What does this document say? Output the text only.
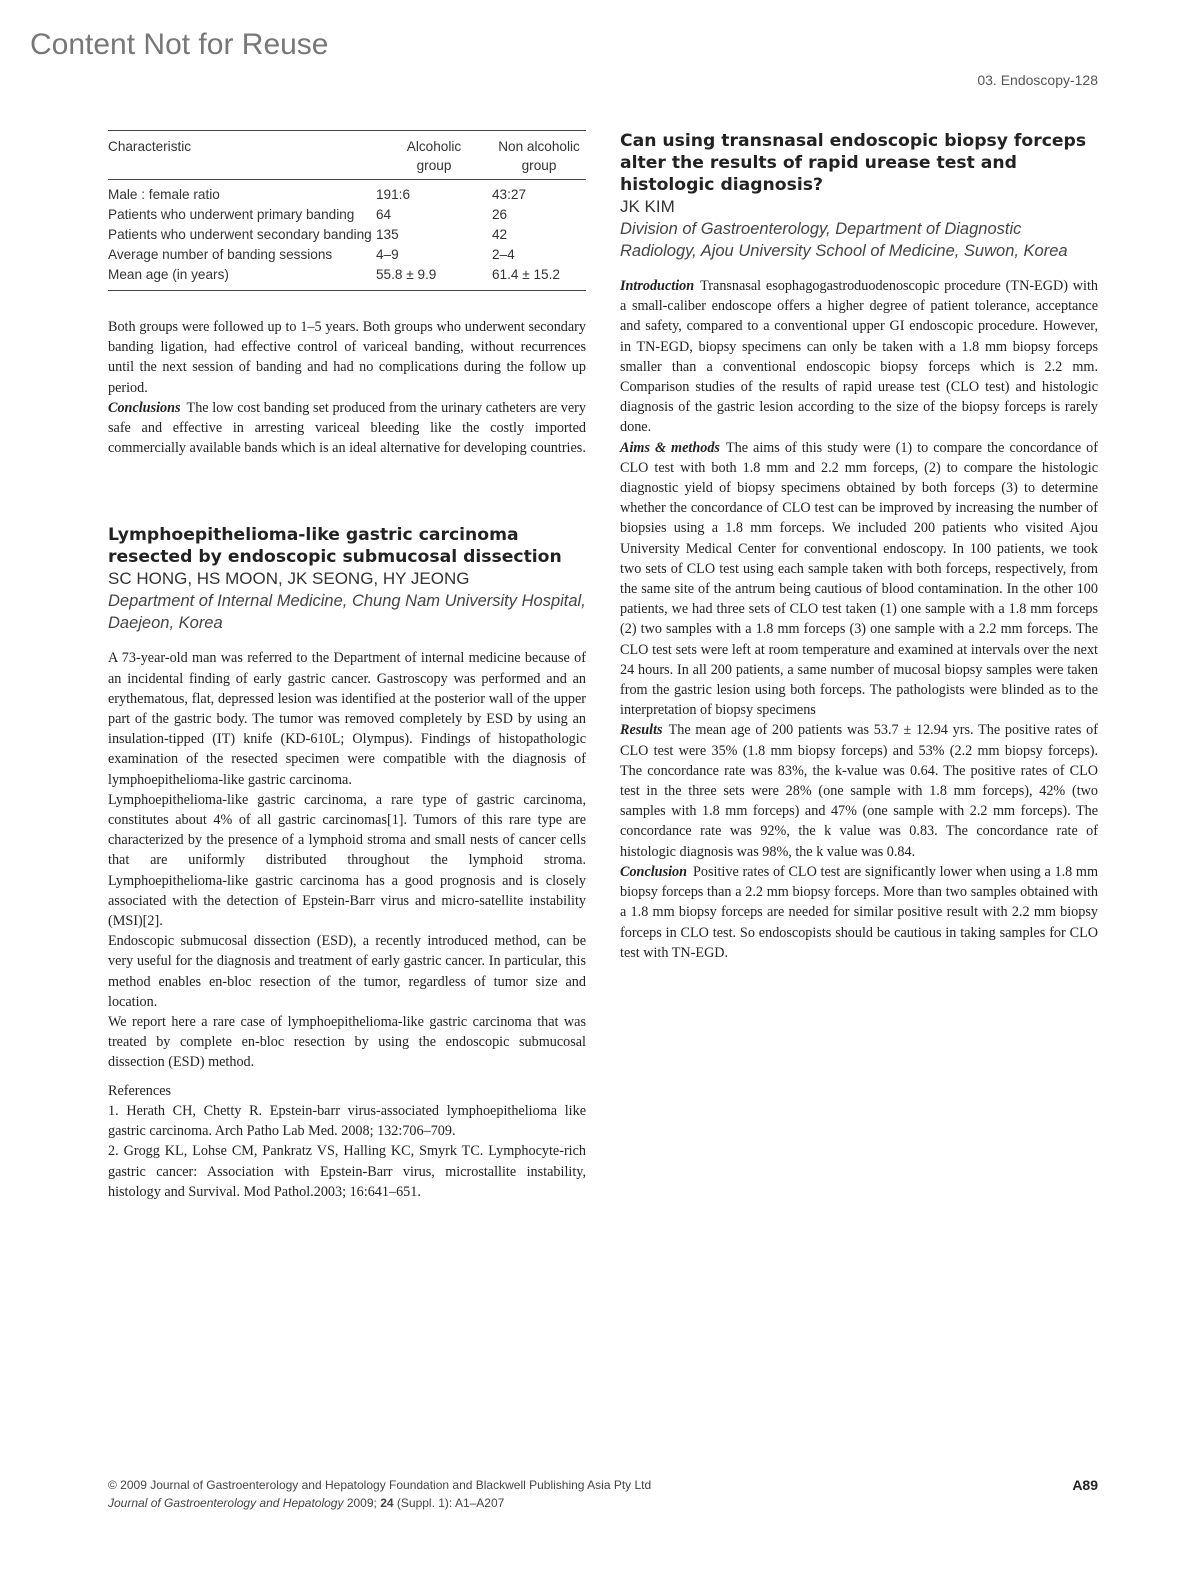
Content Not for Reuse
03. Endoscopy-128
Characteristic	Alcoholic group	Non alcoholic group

Male : female ratio	191:6	43:27

Patients who underwent primary banding	64	26

Patients who underwent secondary banding	135	42

Average number of banding sessions	4–9	2–4

Mean age (in years)	55.8 ± 9.9	61.4 ± 15.2

Both groups were followed up to 1–5 years. Both groups who underwent secondary banding ligation, had effective control of variceal banding, without recurrences until the next session of banding and had no complications during the follow up period.

Conclusions The low cost banding set produced from the urinary catheters are very safe and effective in arresting variceal bleeding like the costly imported commercially available bands which is an ideal alternative for developing countries.

Lymphoepithelioma-like gastric carcinoma resected by endoscopic submucosal dissection

SC HONG, HS MOON, JK SEONG, HY JEONG

Department of Internal Medicine, Chung Nam University Hospital, Daejeon, Korea

A 73-year-old man was referred to the Department of internal medicine because of an incidental finding of early gastric cancer. Gastroscopy was performed and an erythematous, flat, depressed lesion was identified at the posterior wall of the upper part of the gastric body. The tumor was removed completely by ESD by using an insulation-tipped (IT) knife (KD-610L; Olympus). Findings of histopathologic examination of the resected specimen were compatible with the diagnosis of lymphoepithelioma-like gastric carcinoma.

Lymphoepithelioma-like gastric carcinoma, a rare type of gastric carcinoma, constitutes about 4% of all gastric carcinomas[1]. Tumors of this rare type are characterized by the presence of a lymphoid stroma and small nests of cancer cells that are uniformly distributed throughout the lymphoid stroma. Lymphoepithelioma-like gastric carcinoma has a good prognosis and is closely associated with the detection of Epstein-Barr virus and micro-satellite instability (MSI)[2].

Endoscopic submucosal dissection (ESD), a recently introduced method, can be very useful for the diagnosis and treatment of early gastric cancer. In particular, this method enables en-bloc resection of the tumor, regardless of tumor size and location.

We report here a rare case of lymphoepithelioma-like gastric carcinoma that was treated by complete en-bloc resection by using the endoscopic submucosal dissection (ESD) method.

References

1. Herath CH, Chetty R. Epstein-barr virus-associated lymphoepithelioma like gastric carcinoma. Arch Patho Lab Med. 2008; 132:706–709.

2. Grogg KL, Lohse CM, Pankratz VS, Halling KC, Smyrk TC. Lymphocyte-rich gastric cancer: Association with Epstein-Barr virus, microstallite instability, histology and Survival. Mod Pathol.2003; 16:641–651.

Can using transnasal endoscopic biopsy forceps alter the results of rapid urease test and histologic diagnosis?

JK KIM

Division of Gastroenterology, Department of Diagnostic Radiology, Ajou University School of Medicine, Suwon, Korea

Introduction Transnasal esophagogastroduodenoscopic procedure (TN-EGD) with a small-caliber endoscope offers a higher degree of patient tolerance, acceptance and safety, compared to a conventional upper GI endoscopic procedure. However, in TN-EGD, biopsy specimens can only be taken with a 1.8 mm biopsy forceps smaller than a conventional endoscopic biopsy forceps which is 2.2 mm. Comparison studies of the results of rapid urease test (CLO test) and histologic diagnosis of the gastric lesion according to the size of the biopsy forceps is rarely done.

Aims & methods The aims of this study were (1) to compare the concordance of CLO test with both 1.8 mm and 2.2 mm forceps, (2) to compare the histologic diagnostic yield of biopsy specimens obtained by both forceps (3) to determine whether the concordance of CLO test can be improved by increasing the number of biopsies using a 1.8 mm forceps. We included 200 patients who visited Ajou University Medical Center for conventional endoscopy. In 100 patients, we took two sets of CLO test using each sample taken with both forceps, respectively, from the same site of the antrum being cautious of blood contamination. In the other 100 patients, we had three sets of CLO test taken (1) one sample with a 1.8 mm forceps (2) two samples with a 1.8 mm forceps (3) one sample with a 2.2 mm forceps. The CLO test sets were left at room temperature and examined at intervals over the next 24 hours. In all 200 patients, a same number of mucosal biopsy samples were taken from the gastric lesion using both forceps. The pathologists were blinded as to the interpretation of biopsy specimens

Results The mean age of 200 patients was 53.7 ± 12.94 yrs. The positive rates of CLO test were 35% (1.8 mm biopsy forceps) and 53% (2.2 mm biopsy forceps). The concordance rate was 83%, the k-value was 0.64. The positive rates of CLO test in the three sets were 28% (one sample with 1.8 mm forceps), 42% (two samples with 1.8 mm forceps) and 47% (one sample with 2.2 mm forceps). The concordance rate was 92%, the k value was 0.83. The concordance rate of histologic diagnosis was 98%, the k value was 0.84.

Conclusion Positive rates of CLO test are significantly lower when using a 1.8 mm biopsy forceps than a 2.2 mm biopsy forceps. More than two samples obtained with a 1.8 mm biopsy forceps are needed for similar positive result with 2.2 mm biopsy forceps in CLO test. So endoscopists should be cautious in taking samples for CLO test with TN-EGD.

© 2009 Journal of Gastroenterology and Hepatology Foundation and Blackwell Publishing Asia Pty Ltd
Journal of Gastroenterology and Hepatology 2009; 24 (Suppl. 1): A1–A207
A89
